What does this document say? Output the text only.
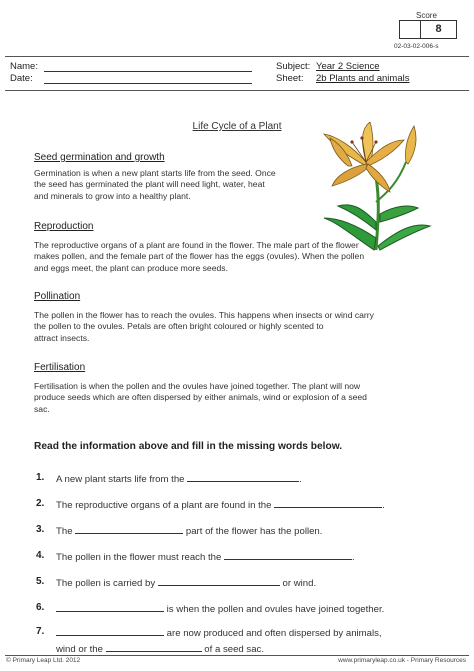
Score
8
02-03-02-006-s
Name:
Date:
Subject: Year 2 Science
Sheet: 2b Plants and animals
Life Cycle of a Plant
Seed germination and growth

Germination is when a new plant starts life from the seed. Once
the seed has germinated the plant will need light, water, heat
and minerals to grow into a healthy plant.

Reproduction

The reproductive organs of a plant are found in the flower. The male part of the flower
makes pollen, and the female part of the flower has the eggs (ovules). When the pollen
and eggs meet, the plant can produce more seeds.

Pollination

The pollen in the flower has to reach the ovules. This happens when insects or wind carry
the pollen to the ovules. Petals are often bright coloured or highly scented to
attract insects.

Fertilisation

Fertilisation is when the pollen and the ovules have joined together. The plant will now
produce seeds which are often dispersed by either animals, wind or explosion of a seed
sac.

Read the information above and fill in the missing words below.
1. A new plant starts life from the	.
2. The reproductive organs of a plant are found in the	.
3. The	part of the flower has the pollen.
4. The pollen in the flower must reach the	.
5. The pollen is carried by	or wind.
6.	is when the pollen and ovules have joined together.
7.	are now produced and often dispersed by animals,
wind or the	of a seed sac.
© Primary Leap Ltd. 2012	www.primaryleap.co.uk - Primary Resources
